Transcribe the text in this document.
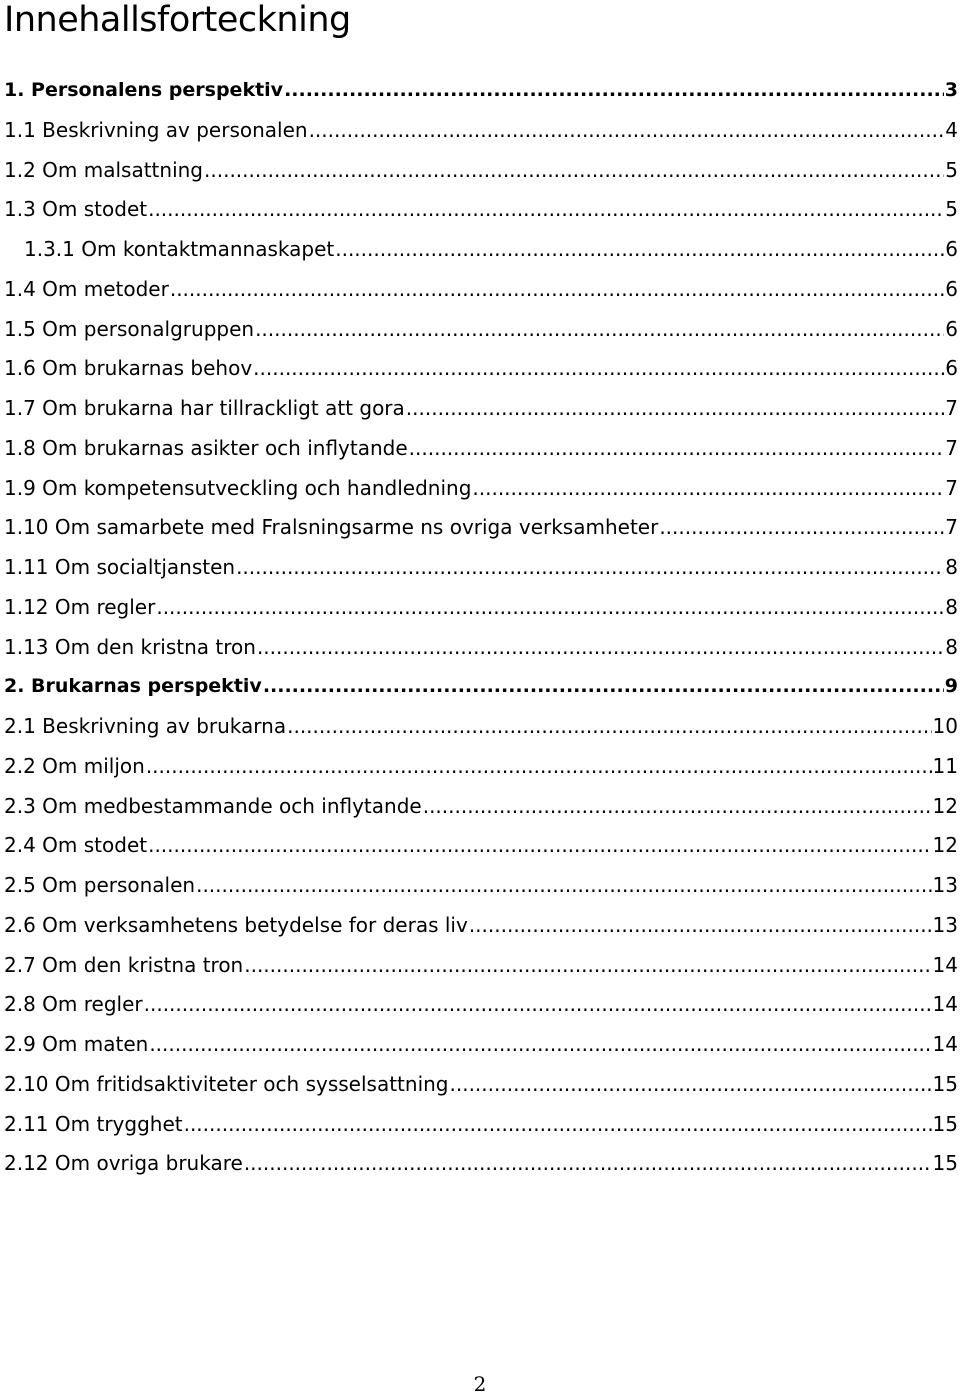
Innehallsforteckning
1. Personalens perspektiv .....	3
1.1 Beskrivning av personalen .....	4
1.2 Om malsattning .....	5
1.3 Om stodet .....	5
1.3.1 Om kontaktmannaskapet .....	6
1.4 Om metoder .....	6
1.5 Om personalgruppen .....	6
1.6 Om brukarnas behov .....	6
1.7 Om brukarna har tillrackligt att gora .....	7
1.8 Om brukarnas asikter och inflytande .....	7
1.9 Om kompetensutveckling och handledning .....	7
1.10 Om samarbete med Fralsningsarme ns ovriga verksamheter .....	7
1.11 Om socialtjansten .....	8
1.12 Om regler .....	8
1.13 Om den kristna tron .....	8
2. Brukarnas perspektiv .....	9
2.1 Beskrivning av brukarna .....	10
2.2 Om miljon .....	11
2.3 Om medbestammande och inflytande .....	12
2.4 Om stodet .....	12
2.5 Om personalen .....	13
2.6 Om verksamhetens betydelse for deras liv .....	13
2.7 Om den kristna tron .....	14
2.8 Om regler .....	14
2.9 Om maten .....	14
2.10 Om fritidsaktiviteter och sysselsattning .....	15
2.11 Om trygghet .....	15
2.12 Om ovriga brukare .....	15
2
